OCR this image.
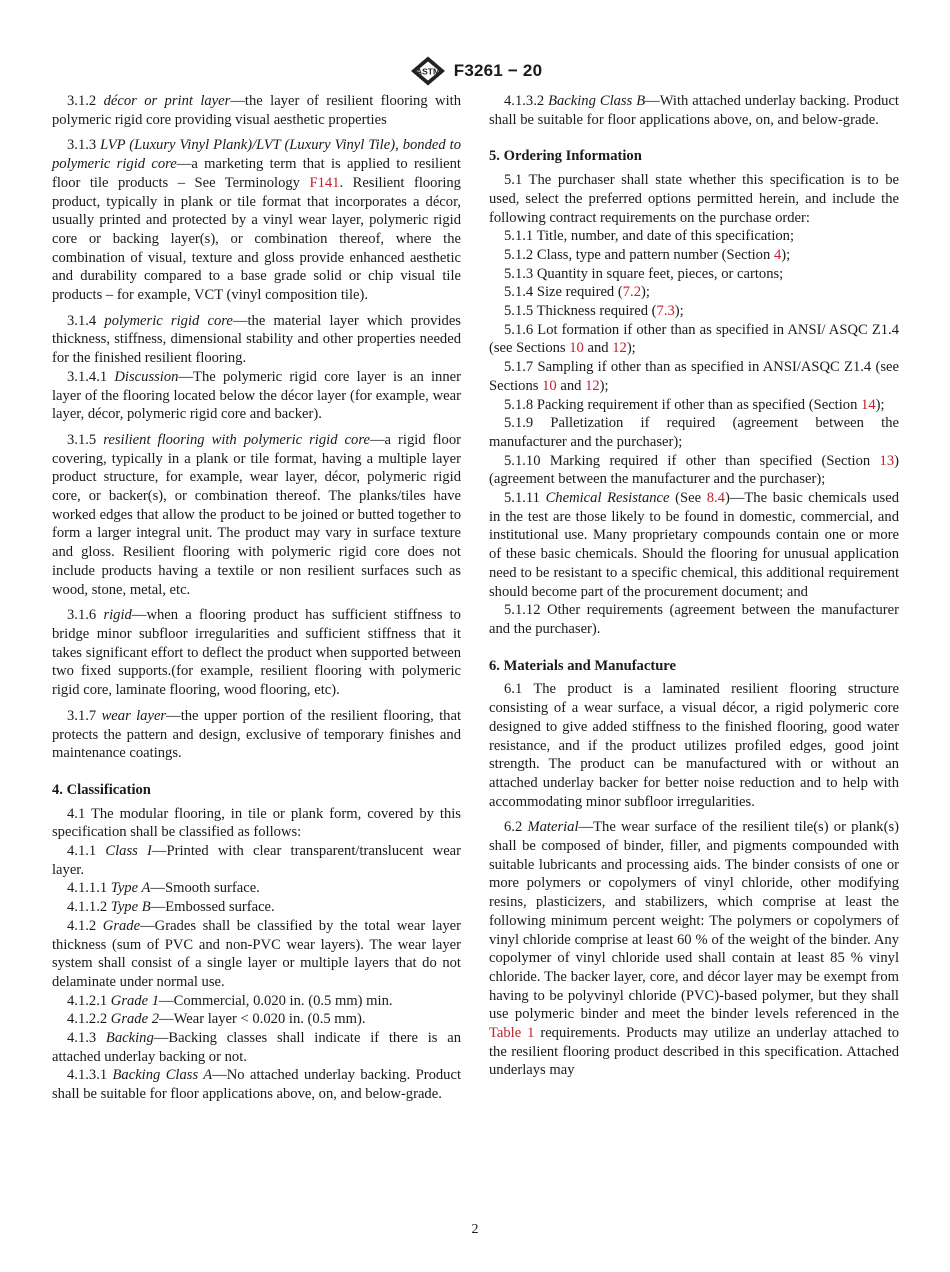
ASTM F3261 − 20

3.1.2 décor or print layer—the layer of resilient flooring with polymeric rigid core providing visual aesthetic properties

3.1.3 LVP (Luxury Vinyl Plank)/LVT (Luxury Vinyl Tile), bonded to polymeric rigid core—a marketing term that is applied to resilient floor tile products – See Terminology F141. Resilient flooring product, typically in plank or tile format that incorporates a décor, usually printed and protected by a vinyl wear layer, polymeric rigid core or backing layer(s), or combination thereof, where the combination of visual, texture and gloss provide enhanced aesthetic and durability compared to a base grade solid or chip visual tile products – for example, VCT (vinyl composition tile).

3.1.4 polymeric rigid core—the material layer which provides thickness, stiffness, dimensional stability and other properties needed for the finished resilient flooring.

3.1.4.1 Discussion—The polymeric rigid core layer is an inner layer of the flooring located below the décor layer (for example, wear layer, décor, polymeric rigid core and backer).

3.1.5 resilient flooring with polymeric rigid core—a rigid floor covering, typically in a plank or tile format, having a multiple layer product structure, for example, wear layer, décor, polymeric rigid core, or backer(s), or combination thereof. The planks/tiles have worked edges that allow the product to be joined or butted together to form a larger integral unit. The product may vary in surface texture and gloss. Resilient flooring with polymeric rigid core does not include products having a textile or non resilient surfaces such as wood, stone, metal, etc.

3.1.6 rigid—when a flooring product has sufficient stiffness to bridge minor subfloor irregularities and sufficient stiffness that it takes significant effort to deflect the product when supported between two fixed supports.(for example, resilient flooring with polymeric rigid core, laminate flooring, wood flooring, etc).

3.1.7 wear layer—the upper portion of the resilient flooring, that protects the pattern and design, exclusive of temporary finishes and maintenance coatings.

4. Classification

4.1 The modular flooring, in tile or plank form, covered by this specification shall be classified as follows:

4.1.1 Class I—Printed with clear transparent/translucent wear layer.

4.1.1.1 Type A—Smooth surface.

4.1.1.2 Type B—Embossed surface.

4.1.2 Grade—Grades shall be classified by the total wear layer thickness (sum of PVC and non-PVC wear layers). The wear layer system shall consist of a single layer or multiple layers that do not delaminate under normal use.

4.1.2.1 Grade 1—Commercial, 0.020 in. (0.5 mm) min.

4.1.2.2 Grade 2—Wear layer < 0.020 in. (0.5 mm).

4.1.3 Backing—Backing classes shall indicate if there is an attached underlay backing or not.

4.1.3.1 Backing Class A—No attached underlay backing. Product shall be suitable for floor applications above, on, and below-grade.

4.1.3.2 Backing Class B—With attached underlay backing. Product shall be suitable for floor applications above, on, and below-grade.

5. Ordering Information

5.1 The purchaser shall state whether this specification is to be used, select the preferred options permitted herein, and include the following contract requirements on the purchase order:

5.1.1 Title, number, and date of this specification;

5.1.2 Class, type and pattern number (Section 4);

5.1.3 Quantity in square feet, pieces, or cartons;

5.1.4 Size required (7.2);

5.1.5 Thickness required (7.3);

5.1.6 Lot formation if other than as specified in ANSI/ ASQC Z1.4 (see Sections 10 and 12);

5.1.7 Sampling if other than as specified in ANSI/ASQC Z1.4 (see Sections 10 and 12);

5.1.8 Packing requirement if other than as specified (Section 14);

5.1.9 Palletization if required (agreement between the manufacturer and the purchaser);

5.1.10 Marking required if other than specified (Section 13) (agreement between the manufacturer and the purchaser);

5.1.11 Chemical Resistance (See 8.4)—The basic chemicals used in the test are those likely to be found in domestic, commercial, and institutional use. Many proprietary compounds contain one or more of these basic chemicals. Should the flooring for unusual application need to be resistant to a specific chemical, this additional requirement should become part of the procurement document; and

5.1.12 Other requirements (agreement between the manufacturer and the purchaser).

6. Materials and Manufacture

6.1 The product is a laminated resilient flooring structure consisting of a wear surface, a visual décor, a rigid polymeric core designed to give added stiffness to the finished flooring, good water resistance, and if the product utilizes profiled edges, good joint strength. The product can be manufactured with or without an attached underlay backer for better noise reduction and to help with accommodating minor subfloor irregularities.

6.2 Material—The wear surface of the resilient tile(s) or plank(s) shall be composed of binder, filler, and pigments compounded with suitable lubricants and processing aids. The binder consists of one or more polymers or copolymers of vinyl chloride, other modifying resins, plasticizers, and stabilizers, which comprise at least the following minimum percent weight: The polymers or copolymers of vinyl chloride comprise at least 60 % of the weight of the binder. Any copolymer of vinyl chloride used shall contain at least 85 % vinyl chloride. The backer layer, core, and décor layer may be exempt from having to be polyvinyl chloride (PVC)-based polymer, but they shall use polymeric binder and meet the binder levels referenced in the Table 1 requirements. Products may utilize an underlay attached to the resilient flooring product described in this specification. Attached underlays may

2
